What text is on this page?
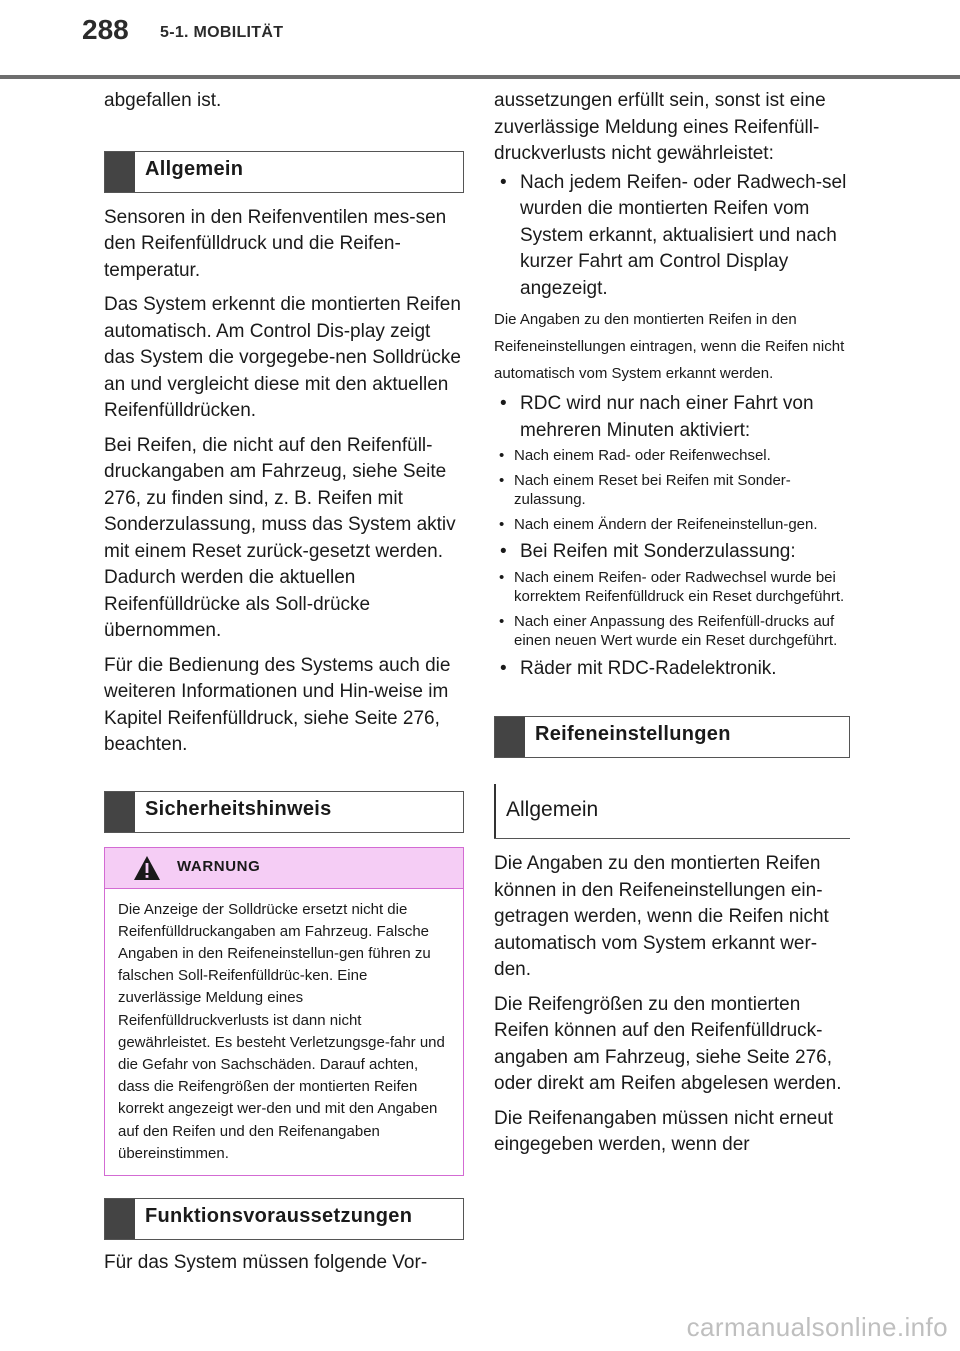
288 5-1. MOBILITÄT

abgefallen ist.

Allgemein

Sensoren in den Reifenventilen mes-sen den Reifenfülldruck und die Reifen-temperatur.

Das System erkennt die montierten Reifen automatisch. Am Control Dis-play zeigt das System die vorgegebe-nen Solldrücke an und vergleicht diese mit den aktuellen Reifenfülldrücken.

Bei Reifen, die nicht auf den Reifenfüll-druckangaben am Fahrzeug, siehe Seite 276, zu finden sind, z. B. Reifen mit Sonderzulassung, muss das System aktiv mit einem Reset zurück-gesetzt werden. Dadurch werden die aktuellen Reifenfülldrücke als Soll-drücke übernommen.

Für die Bedienung des Systems auch die weiteren Informationen und Hin-weise im Kapitel Reifenfülldruck, siehe Seite 276, beachten.

Sicherheitshinweis
WARNUNG
Die Anzeige der Solldrücke ersetzt nicht die Reifenfülldruckangaben am Fahrzeug. Falsche Angaben in den Reifeneinstellun-gen führen zu falschen Soll-Reifenfülldrüc-ken. Eine zuverlässige Meldung eines Reifenfülldruckverlusts ist dann nicht gewährleistet. Es besteht Verletzungsge-fahr und die Gefahr von Sachschäden. Darauf achten, dass die Reifengrößen der montierten Reifen korrekt angezeigt wer-den und mit den Angaben auf den Reifen und den Reifenangaben übereinstimmen.
Funktionsvoraussetzungen

Für das System müssen folgende Vor-

aussetzungen erfüllt sein, sonst ist eine zuverlässige Meldung eines Reifenfüll-druckverlusts nicht gewährleistet:

• Nach jedem Reifen- oder Radwech-sel wurden die montierten Reifen vom System erkannt, aktualisiert und nach kurzer Fahrt am Control Display angezeigt.

Die Angaben zu den montierten Reifen in den Reifeneinstellungen eintragen, wenn die Reifen nicht automatisch vom System erkannt werden.

• RDC wird nur nach einer Fahrt von mehreren Minuten aktiviert:
• Nach einem Rad- oder Reifenwechsel.
• Nach einem Reset bei Reifen mit Sonder-zulassung.
• Nach einem Ändern der Reifeneinstellun-gen.
• Bei Reifen mit Sonderzulassung:
• Nach einem Reifen- oder Radwechsel wurde bei korrektem Reifenfülldruck ein Reset durchgeführt.
• Nach einer Anpassung des Reifenfüll-drucks auf einen neuen Wert wurde ein Reset durchgeführt.
• Räder mit RDC-Radelektronik.
Reifeneinstellungen
Allgemein

Die Angaben zu den montierten Reifen können in den Reifeneinstellungen ein-getragen werden, wenn die Reifen nicht automatisch vom System erkannt wer-den.

Die Reifengrößen zu den montierten Reifen können auf den Reifenfülldruck-angaben am Fahrzeug, siehe Seite 276, oder direkt am Reifen abgelesen werden.

Die Reifenangaben müssen nicht erneut eingegeben werden, wenn der

carmanualsonline.info
